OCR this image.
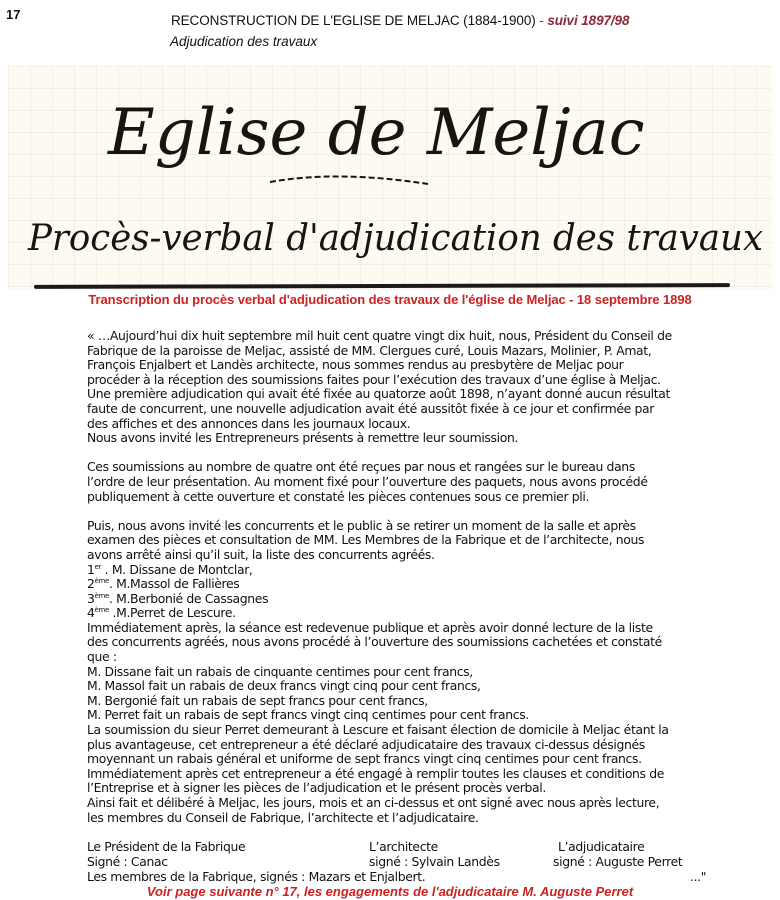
17	RECONSTRUCTION DE L'EGLISE DE MELJAC (1884-1900) - suivi 1897/98
Adjudication des travaux
Eglise de Meljac
Procès-verbal d'adjudication des travaux
Transcription du procès verbal d'adjudication des travaux de l'église de Meljac - 18 septembre 1898

« …Aujourd’hui dix huit septembre mil huit cent quatre vingt dix huit, nous, Président du Conseil de

Fabrique de la paroisse de Meljac, assisté de MM. Clergues curé, Louis Mazars, Molinier, P. Amat,

François Enjalbert et Landès architecte, nous sommes rendus au presbytère de Meljac pour

procéder à la réception des soumissions faites pour l’exécution des travaux d’une église à Meljac.

Une première adjudication qui avait été fixée au quatorze août 1898, n’ayant donné aucun résultat

faute de concurrent, une nouvelle adjudication avait été aussitôt fixée à ce jour et confirmée par

des affiches et des annonces dans les journaux locaux.

Nous avons invité les Entrepreneurs présents à remettre leur soumission.

Ces soumissions au nombre de quatre ont été reçues par nous et rangées sur le bureau dans

l’ordre de leur présentation. Au moment fixé pour l’ouverture des paquets, nous avons procédé

publiquement à cette ouverture et constaté les pièces contenues sous ce premier pli.

Puis, nous avons invité les concurrents et le public à se retirer un moment de la salle et après

examen des pièces et consultation de MM. Les Membres de la Fabrique et de l’architecte, nous

avons arrêté ainsi qu’il suit, la liste des concurrents agréés.

1er . M. Dissane de Montclar,

2ème. M.Massol de Fallières

3ème. M.Berbonié de Cassagnes

4ème .M.Perret de Lescure.

Immédiatement après, la séance est redevenue publique et après avoir donné lecture de la liste

des concurrents agréés, nous avons procédé à l’ouverture des soumissions cachetées et constaté

que :

M. Dissane fait un rabais de cinquante centimes pour cent francs,

M. Massol fait un rabais de deux francs vingt cinq pour cent francs,

M. Bergonié fait un rabais de sept francs pour cent francs,

M. Perret fait un rabais de sept francs vingt cinq centimes pour cent francs.

La soumission du sieur Perret demeurant à Lescure et faisant élection de domicile à Meljac étant la

plus avantageuse, cet entrepreneur a été déclaré adjudicataire des travaux ci-dessus désignés

moyennant un rabais général et uniforme de sept francs vingt cinq centimes pour cent francs.

Immédiatement après cet entrepreneur a été engagé à remplir toutes les clauses et conditions de

l’Entreprise et à signer les pièces de l’adjudication et le présent procès verbal.

Ainsi fait et délibéré à Meljac, les jours, mois et an ci-dessus et ont signé avec nous après lecture,

les membres du Conseil de Fabrique, l’architecte et l’adjudicataire.

Le Président de la Fabrique
Signé : Canac
L’architecte
signé : Sylvain Landès
L’adjudicataire
signé : Auguste Perret
Les membres de la Fabrique, signés : Mazars et Enjalbert.	..."
Voir page suivante n° 17, les engagements de l'adjudicataire M. Auguste Perret
